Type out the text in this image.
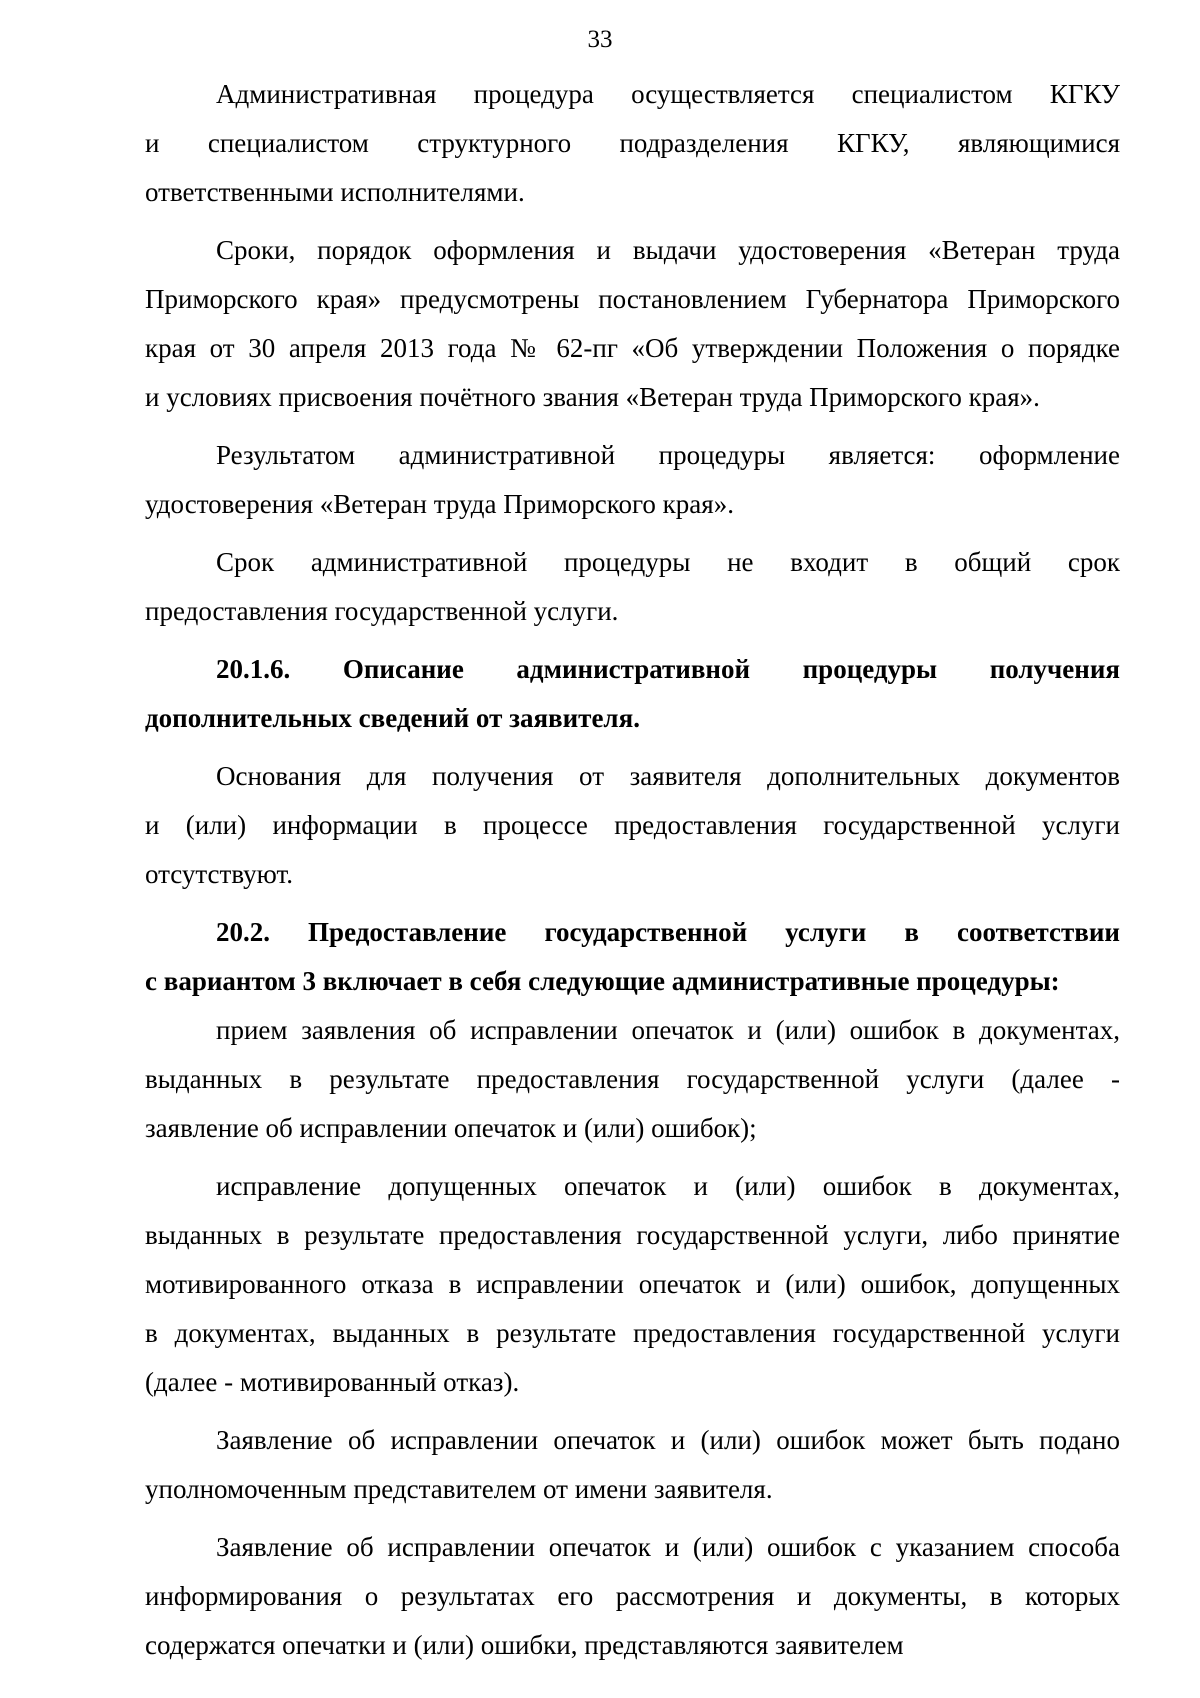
33
Административная процедура осуществляется специалистом КГКУ
и специалистом структурного подразделения КГКУ, являющимися
ответственными исполнителями.
Сроки, порядок оформления и выдачи удостоверения «Ветеран труда
Приморского края» предусмотрены постановлением Губернатора Приморского
края от 30 апреля 2013 года № 62-пг «Об утверждении Положения о порядке
и условиях присвоения почётного звания «Ветеран труда Приморского края».
Результатом административной процедуры является: оформление
удостоверения «Ветеран труда Приморского края».
Срок административной процедуры не входит в общий срок
предоставления государственной услуги.
20.1.6. Описание административной процедуры получения
дополнительных сведений от заявителя.
Основания для получения от заявителя дополнительных документов
и (или) информации в процессе предоставления государственной услуги
отсутствуют.
20.2. Предоставление государственной услуги в соответствии
с вариантом 3 включает в себя следующие административные процедуры:
прием заявления об исправлении опечаток и (или) ошибок в документах,
выданных в результате предоставления государственной услуги (далее -
заявление об исправлении опечаток и (или) ошибок);
исправление допущенных опечаток и (или) ошибок в документах,
выданных в результате предоставления государственной услуги, либо принятие
мотивированного отказа в исправлении опечаток и (или) ошибок, допущенных
в документах, выданных в результате предоставления государственной услуги
(далее - мотивированный отказ).
Заявление об исправлении опечаток и (или) ошибок может быть подано
уполномоченным представителем от имени заявителя.
Заявление об исправлении опечаток и (или) ошибок с указанием способа
информирования о результатах его рассмотрения и документы, в которых
содержатся опечатки и (или) ошибки, представляются заявителем
